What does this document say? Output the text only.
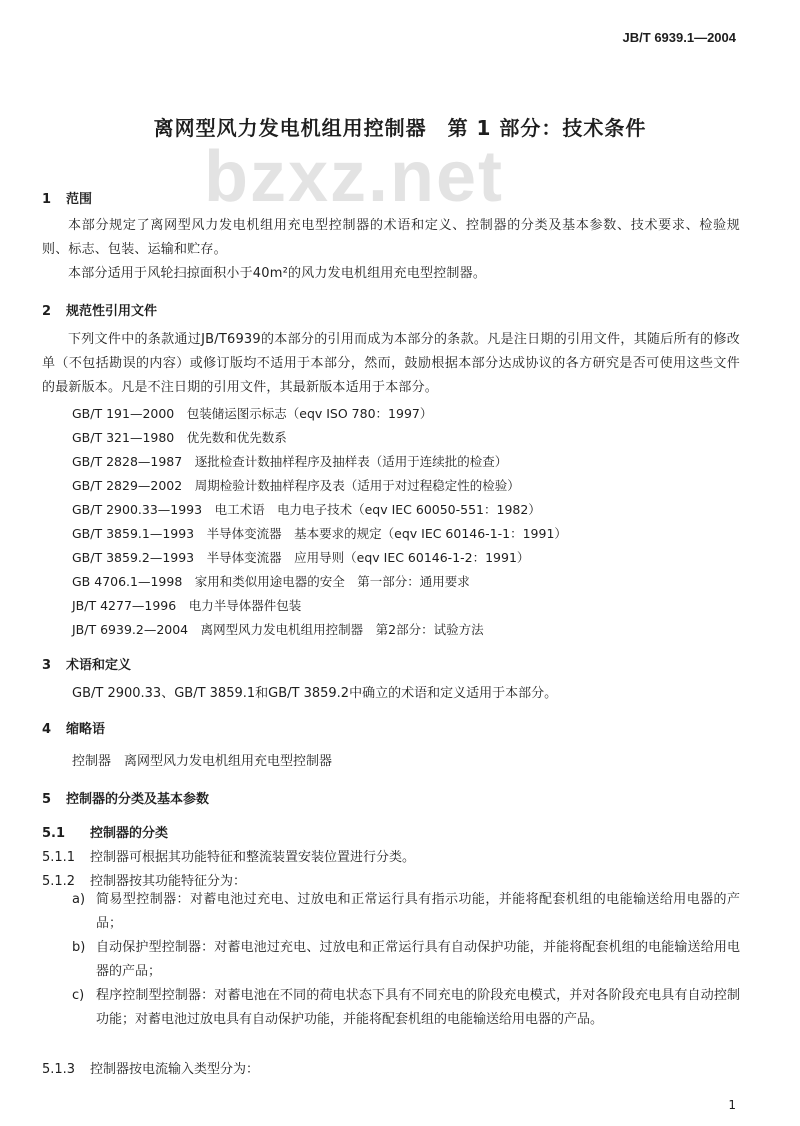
JB/T 6939.1—2004
离网型风力发电机组用控制器　第 1 部分：技术条件
bzxz.net
1 范围
本部分规定了离网型风力发电机组用充电型控制器的术语和定义、控制器的分类及基本参数、技术要求、检验规则、标志、包装、运输和贮存。
本部分适用于风轮扫掠面积小于40m²的风力发电机组用充电型控制器。
2 规范性引用文件
下列文件中的条款通过JB/T6939的本部分的引用而成为本部分的条款。凡是注日期的引用文件，其随后所有的修改单（不包括勘误的内容）或修订版均不适用于本部分，然而，鼓励根据本部分达成协议的各方研究是否可使用这些文件的最新版本。凡是不注日期的引用文件，其最新版本适用于本部分。
GB/T 191—2000　包装储运图示标志（eqv ISO 780：1997）
GB/T 321—1980　优先数和优先数系
GB/T 2828—1987　逐批检查计数抽样程序及抽样表（适用于连续批的检查）
GB/T 2829—2002　周期检验计数抽样程序及表（适用于对过程稳定性的检验）
GB/T 2900.33—1993　电工术语　电力电子技术（eqv IEC 60050-551：1982）
GB/T 3859.1—1993　半导体变流器　基本要求的规定（eqv IEC 60146-1-1：1991）
GB/T 3859.2—1993　半导体变流器　应用导则（eqv IEC 60146-1-2：1991）
GB 4706.1—1998　家用和类似用途电器的安全　第一部分：通用要求
JB/T 4277—1996　电力半导体器件包装
JB/T 6939.2—2004　离网型风力发电机组用控制器　第2部分：试验方法
3 术语和定义
GB/T 2900.33、GB/T 3859.1和GB/T 3859.2中确立的术语和定义适用于本部分。
4 缩略语
控制器　离网型风力发电机组用充电型控制器
5 控制器的分类及基本参数
5.1 控制器的分类
5.1.1 控制器可根据其功能特征和整流装置安装位置进行分类。
5.1.2 控制器按其功能特征分为：
a) 简易型控制器：对蓄电池过充电、过放电和正常运行具有指示功能，并能将配套机组的电能输送给用电器的产品；
b) 自动保护型控制器：对蓄电池过充电、过放电和正常运行具有自动保护功能，并能将配套机组的电能输送给用电器的产品；
c) 程序控制型控制器：对蓄电池在不同的荷电状态下具有不同充电的阶段充电模式，并对各阶段充电具有自动控制功能；对蓄电池过放电具有自动保护功能，并能将配套机组的电能输送给用电器的产品。
5.1.3 控制器按电流输入类型分为：
1
